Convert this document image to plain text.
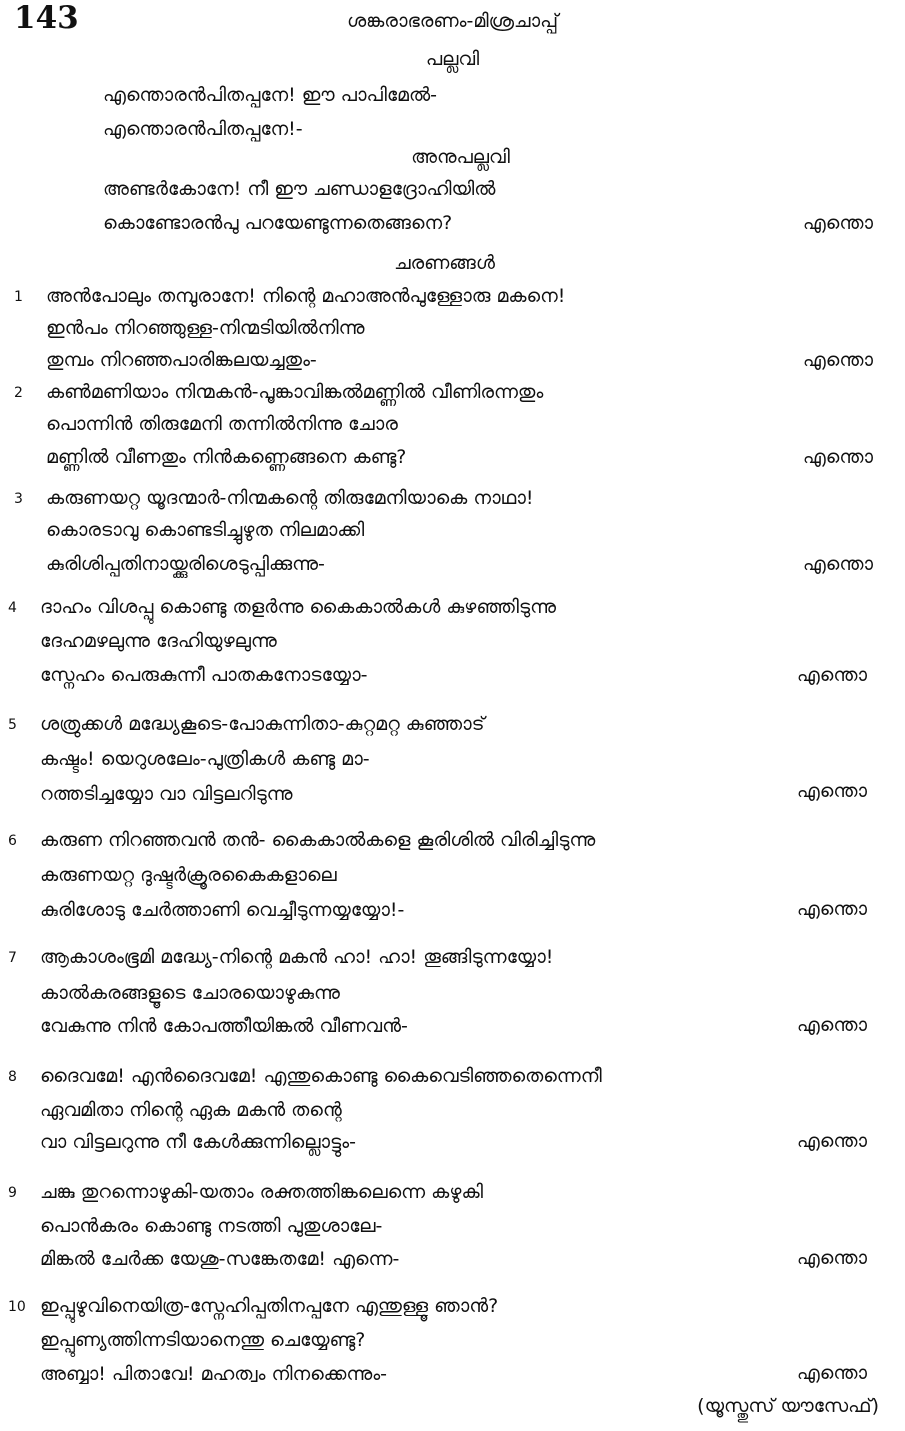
143	ശങ്കരാഭരണം-മിശ്രചാപ്പ്
പല്ലവി
എന്തൊരൻപിതപ്പനേ! ഈ പാപിമേൽ-
എന്തൊരൻപിതപ്പനേ!-
അനുപല്ലവി
അണ്ടർകോനേ! നീ ഈ ചണ്ഡാളദ്രോഹിയിൽ
കൊണ്ടോരൻപു പറയേണ്ടുന്നതെങ്ങനെ?	എന്തൊ
ചരണങ്ങൾ
1 അൻപോലും തമ്പുരാനേ! നിന്റെ മഹാഅൻപുള്ളോരു മകനെ!
ഇൻപം നിറഞ്ഞുള്ള-നിന്മടിയിൽനിന്നു
തുമ്പം നിറഞ്ഞപാരിങ്കലയച്ചതും-	എന്തൊ
2 കൺമണിയാം നിന്മകൻ-പൂങ്കാവിങ്കൽമണ്ണിൽ വീണിരന്നതും
പൊന്നിൻ തിരുമേനി തന്നിൽനിന്നു ചോര
മണ്ണിൽ വീണതും നിൻകണ്ണെങ്ങനെ കണ്ടു?	എന്തൊ
3 കരുണയറ്റ യൂദന്മാർ-നിന്മകന്റെ തിരുമേനിയാകെ നാഥാ!
കൊരടാവു കൊണ്ടടിച്ചുഴുത നിലമാക്കി
കുരിശിപ്പതിനായ്ക്കുരിശെടുപ്പിക്കുന്നു-	എന്തൊ
4 ദാഹം വിശപ്പു കൊണ്ടു തളർന്നു കൈകാൽകൾ കുഴഞ്ഞിടുന്നു
ദേഹമഴലുന്നു ദേഹിയുഴലുന്നു
സ്നേഹം പെരുകുന്നീ പാതകനോടയ്യോ-	എന്തൊ
5 ശത്രുക്കൾ മദ്ധ്യേകൂടെ-പോകുന്നിതാ-കുറ്റമറ്റ കുഞ്ഞാട്
കഷ്ടം! യെറുശലേം-പുത്രികൾ കണ്ടു മാ-
റത്തടിച്ചയ്യോ വാ വിട്ടലറിടുന്നു	എന്തൊ
6 കരുണ നിറഞ്ഞവൻ തൻ- കൈകാൽകളെ കൂരിശിൽ വിരിച്ചിടുന്നു
കരുണയറ്റ ദുഷ്ടർക്രൂരകൈകളാലെ
കുരിശോടു ചേർത്താണി വെച്ചീടുന്നയ്യയ്യോ!-	എന്തൊ
7 ആകാശംഭൂമി മദ്ധ്യേ-നിന്റെ മകൻ ഹാ! ഹാ! തൂങ്ങിടുന്നയ്യോ!
കാൽകരങ്ങളൂടെ ചോരയൊഴുകുന്നു
വേകുന്നു നിൻ കോപത്തീയിങ്കൽ വീണവൻ-	എന്തൊ
8 ദൈവമേ! എൻദൈവമേ! എന്തുകൊണ്ടു കൈവെടിഞ്ഞതെന്നെനീ
ഏവമിതാ നിന്റെ ഏക മകൻ തന്റെ
വാ വിട്ടലറുന്നു നീ കേൾക്കുന്നില്ലൊട്ടും-	എന്തൊ
9 ചങ്കു തുറന്നൊഴുകി-യതാം രക്തത്തിങ്കലെന്നെ കഴുകി
പൊൻകരം കൊണ്ടു നടത്തി പുതുശാലേ-
മിങ്കൽ ചേർക്ക യേശു-സങ്കേതമേ! എന്നെ-	എന്തൊ
10 ഇപ്പുഴുവിനെയിത്ര-സ്നേഹിപ്പതിനപ്പനേ എന്തുള്ളൂ ഞാൻ?
ഇപ്പുണ്യത്തിന്നടിയാനെന്തു ചെയ്യേണ്ടു?
അബ്ബാ! പിതാവേ! മഹത്വം നിനക്കെന്നും-	എന്തൊ
(യൂസ്തുസ് യൗസേഫ്)
